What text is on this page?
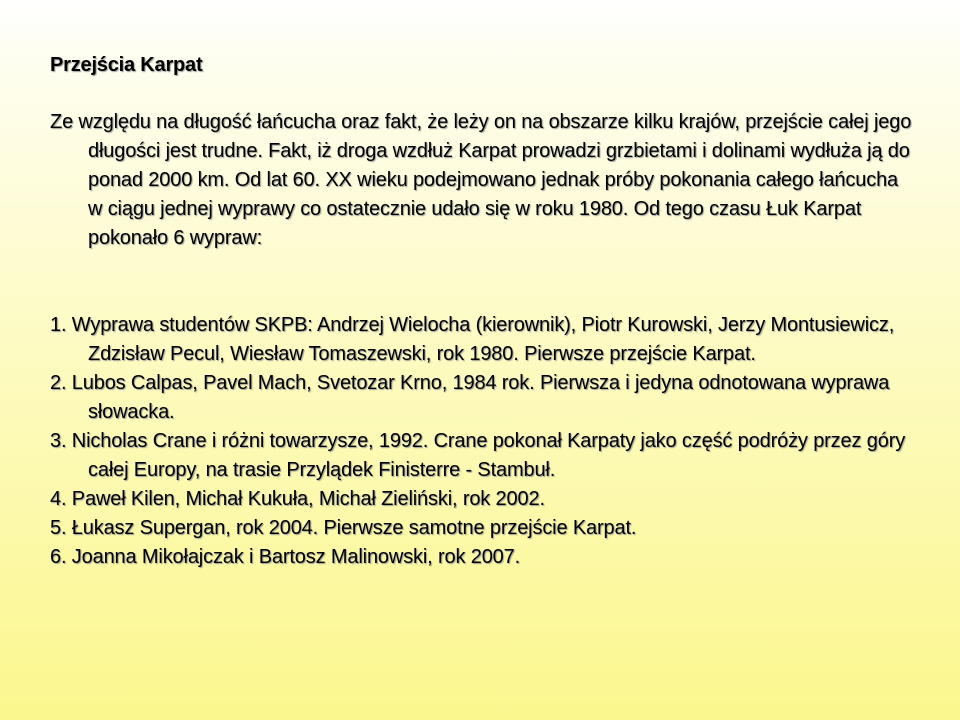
Przejścia Karpat

Ze względu na długość łańcucha oraz fakt, że leży on na obszarze kilku krajów, przejście całej jego długości jest trudne. Fakt, iż droga wzdłuż Karpat prowadzi grzbietami i dolinami wydłuża ją do ponad 2000 km. Od lat 60. XX wieku podejmowano jednak próby pokonania całego łańcucha w ciągu jednej wyprawy co ostatecznie udało się w roku 1980. Od tego czasu Łuk Karpat pokonało 6 wypraw:

1. Wyprawa studentów SKPB: Andrzej Wielocha (kierownik), Piotr Kurowski, Jerzy Montusiewicz, Zdzisław Pecul, Wiesław Tomaszewski, rok 1980. Pierwsze przejście Karpat.
2. Lubos Calpas, Pavel Mach, Svetozar Krno, 1984 rok. Pierwsza i jedyna odnotowana wyprawa słowacka.
3. Nicholas Crane i różni towarzysze, 1992. Crane pokonał Karpaty jako część podróży przez góry całej Europy, na trasie Przylądek Finisterre - Stambuł.
4. Paweł Kilen, Michał Kukuła, Michał Zieliński, rok 2002.
5. Łukasz Supergan, rok 2004. Pierwsze samotne przejście Karpat.
6. Joanna Mikołajczak i Bartosz Malinowski, rok 2007.
